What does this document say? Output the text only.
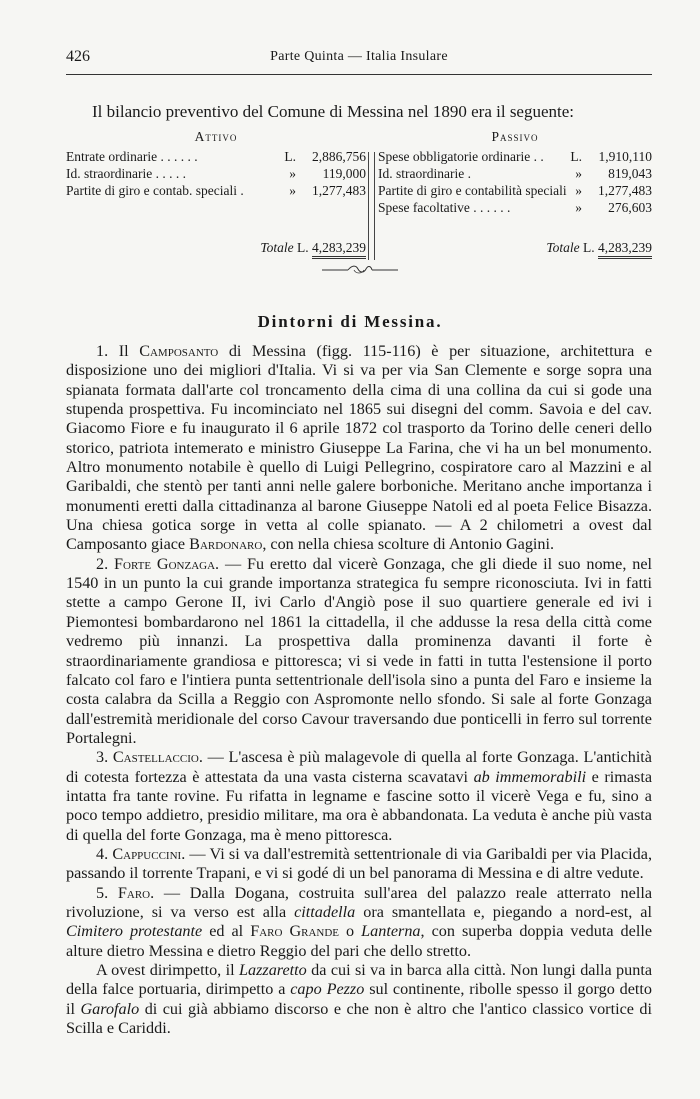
426	Parte Quinta — Italia Insulare
Il bilancio preventivo del Comune di Messina nel 1890 era il seguente:
Attivo
Entrate ordinarie . . . . . .	L. 2,886,756
Id. straordinarie . . . . .	» 119,000
Partite di giro e contab. speciali .	» 1,277,483
Totale L. 4,283,239
Passivo
Spese obbligatorie ordinarie . . L. 1,910,110
Id. straordinarie .	» 819,043
Partite di giro e contabilità speciali » 1,277,483
Spese facoltative . . . . . .	» 276,603
Totale L. 4,283,239
Dintorni di Messina.

1. Il Camposanto di Messina (figg. 115-116) è per situazione, architettura e disposizione uno dei migliori d'Italia. Vi si va per via San Clemente e sorge sopra una spianata formata dall'arte col troncamento della cima di una collina da cui si gode una stupenda prospettiva. Fu incominciato nel 1865 sui disegni del comm. Savoia e del cav. Giacomo Fiore e fu inaugurato il 6 aprile 1872 col trasporto da Torino delle ceneri dello storico, patriota intemerato e ministro Giuseppe La Farina, che vi ha un bel monumento. Altro monumento notabile è quello di Luigi Pellegrino, cospiratore caro al Mazzini e al Garibaldi, che stentò per tanti anni nelle galere borboniche. Meritano anche importanza i monumenti eretti dalla cittadinanza al barone Giuseppe Natoli ed al poeta Felice Bisazza. Una chiesa gotica sorge in vetta al colle spianato. — A 2 chilometri a ovest dal Camposanto giace Bardonaro, con nella chiesa scolture di Antonio Gagini.

2. Forte Gonzaga. — Fu eretto dal vicerè Gonzaga, che gli diede il suo nome, nel 1540 in un punto la cui grande importanza strategica fu sempre riconosciuta. Ivi in fatti stette a campo Gerone II, ivi Carlo d'Angiò pose il suo quartiere generale ed ivi i Piemontesi bombardarono nel 1861 la cittadella, il che addusse la resa della città come vedremo più innanzi. La prospettiva dalla prominenza davanti il forte è straordinariamente grandiosa e pittoresca; vi si vede in fatti in tutta l'estensione il porto falcato col faro e l'intiera punta settentrionale dell'isola sino a punta del Faro e insieme la costa calabra da Scilla a Reggio con Aspromonte nello sfondo. Si sale al forte Gonzaga dall'estremità meridionale del corso Cavour traversando due ponticelli in ferro sul torrente Portalegni.

3. Castellaccio. — L'ascesa è più malagevole di quella al forte Gonzaga. L'antichità di cotesta fortezza è attestata da una vasta cisterna scavatavi ab immemorabili e rimasta intatta fra tante rovine. Fu rifatta in legname e fascine sotto il vicerè Vega e fu, sino a poco tempo addietro, presidio militare, ma ora è abbandonata. La veduta è anche più vasta di quella del forte Gonzaga, ma è meno pittoresca.

4. Cappuccini. — Vi si va dall'estremità settentrionale di via Garibaldi per via Placida, passando il torrente Trapani, e vi si godé di un bel panorama di Messina e di altre vedute.

5. Faro. — Dalla Dogana, costruita sull'area del palazzo reale atterrato nella rivoluzione, si va verso est alla cittadella ora smantellata e, piegando a nord-est, al Cimitero protestante ed al Faro Grande o Lanterna, con superba doppia veduta delle alture dietro Messina e dietro Reggio del pari che dello stretto.

A ovest dirimpetto, il Lazzaretto da cui si va in barca alla città. Non lungi dalla punta della falce portuaria, dirimpetto a capo Pezzo sul continente, ribolle spesso il gorgo detto il Garofalo di cui già abbiamo discorso e che non è altro che l'antico classico vortice di Scilla e Cariddi.
